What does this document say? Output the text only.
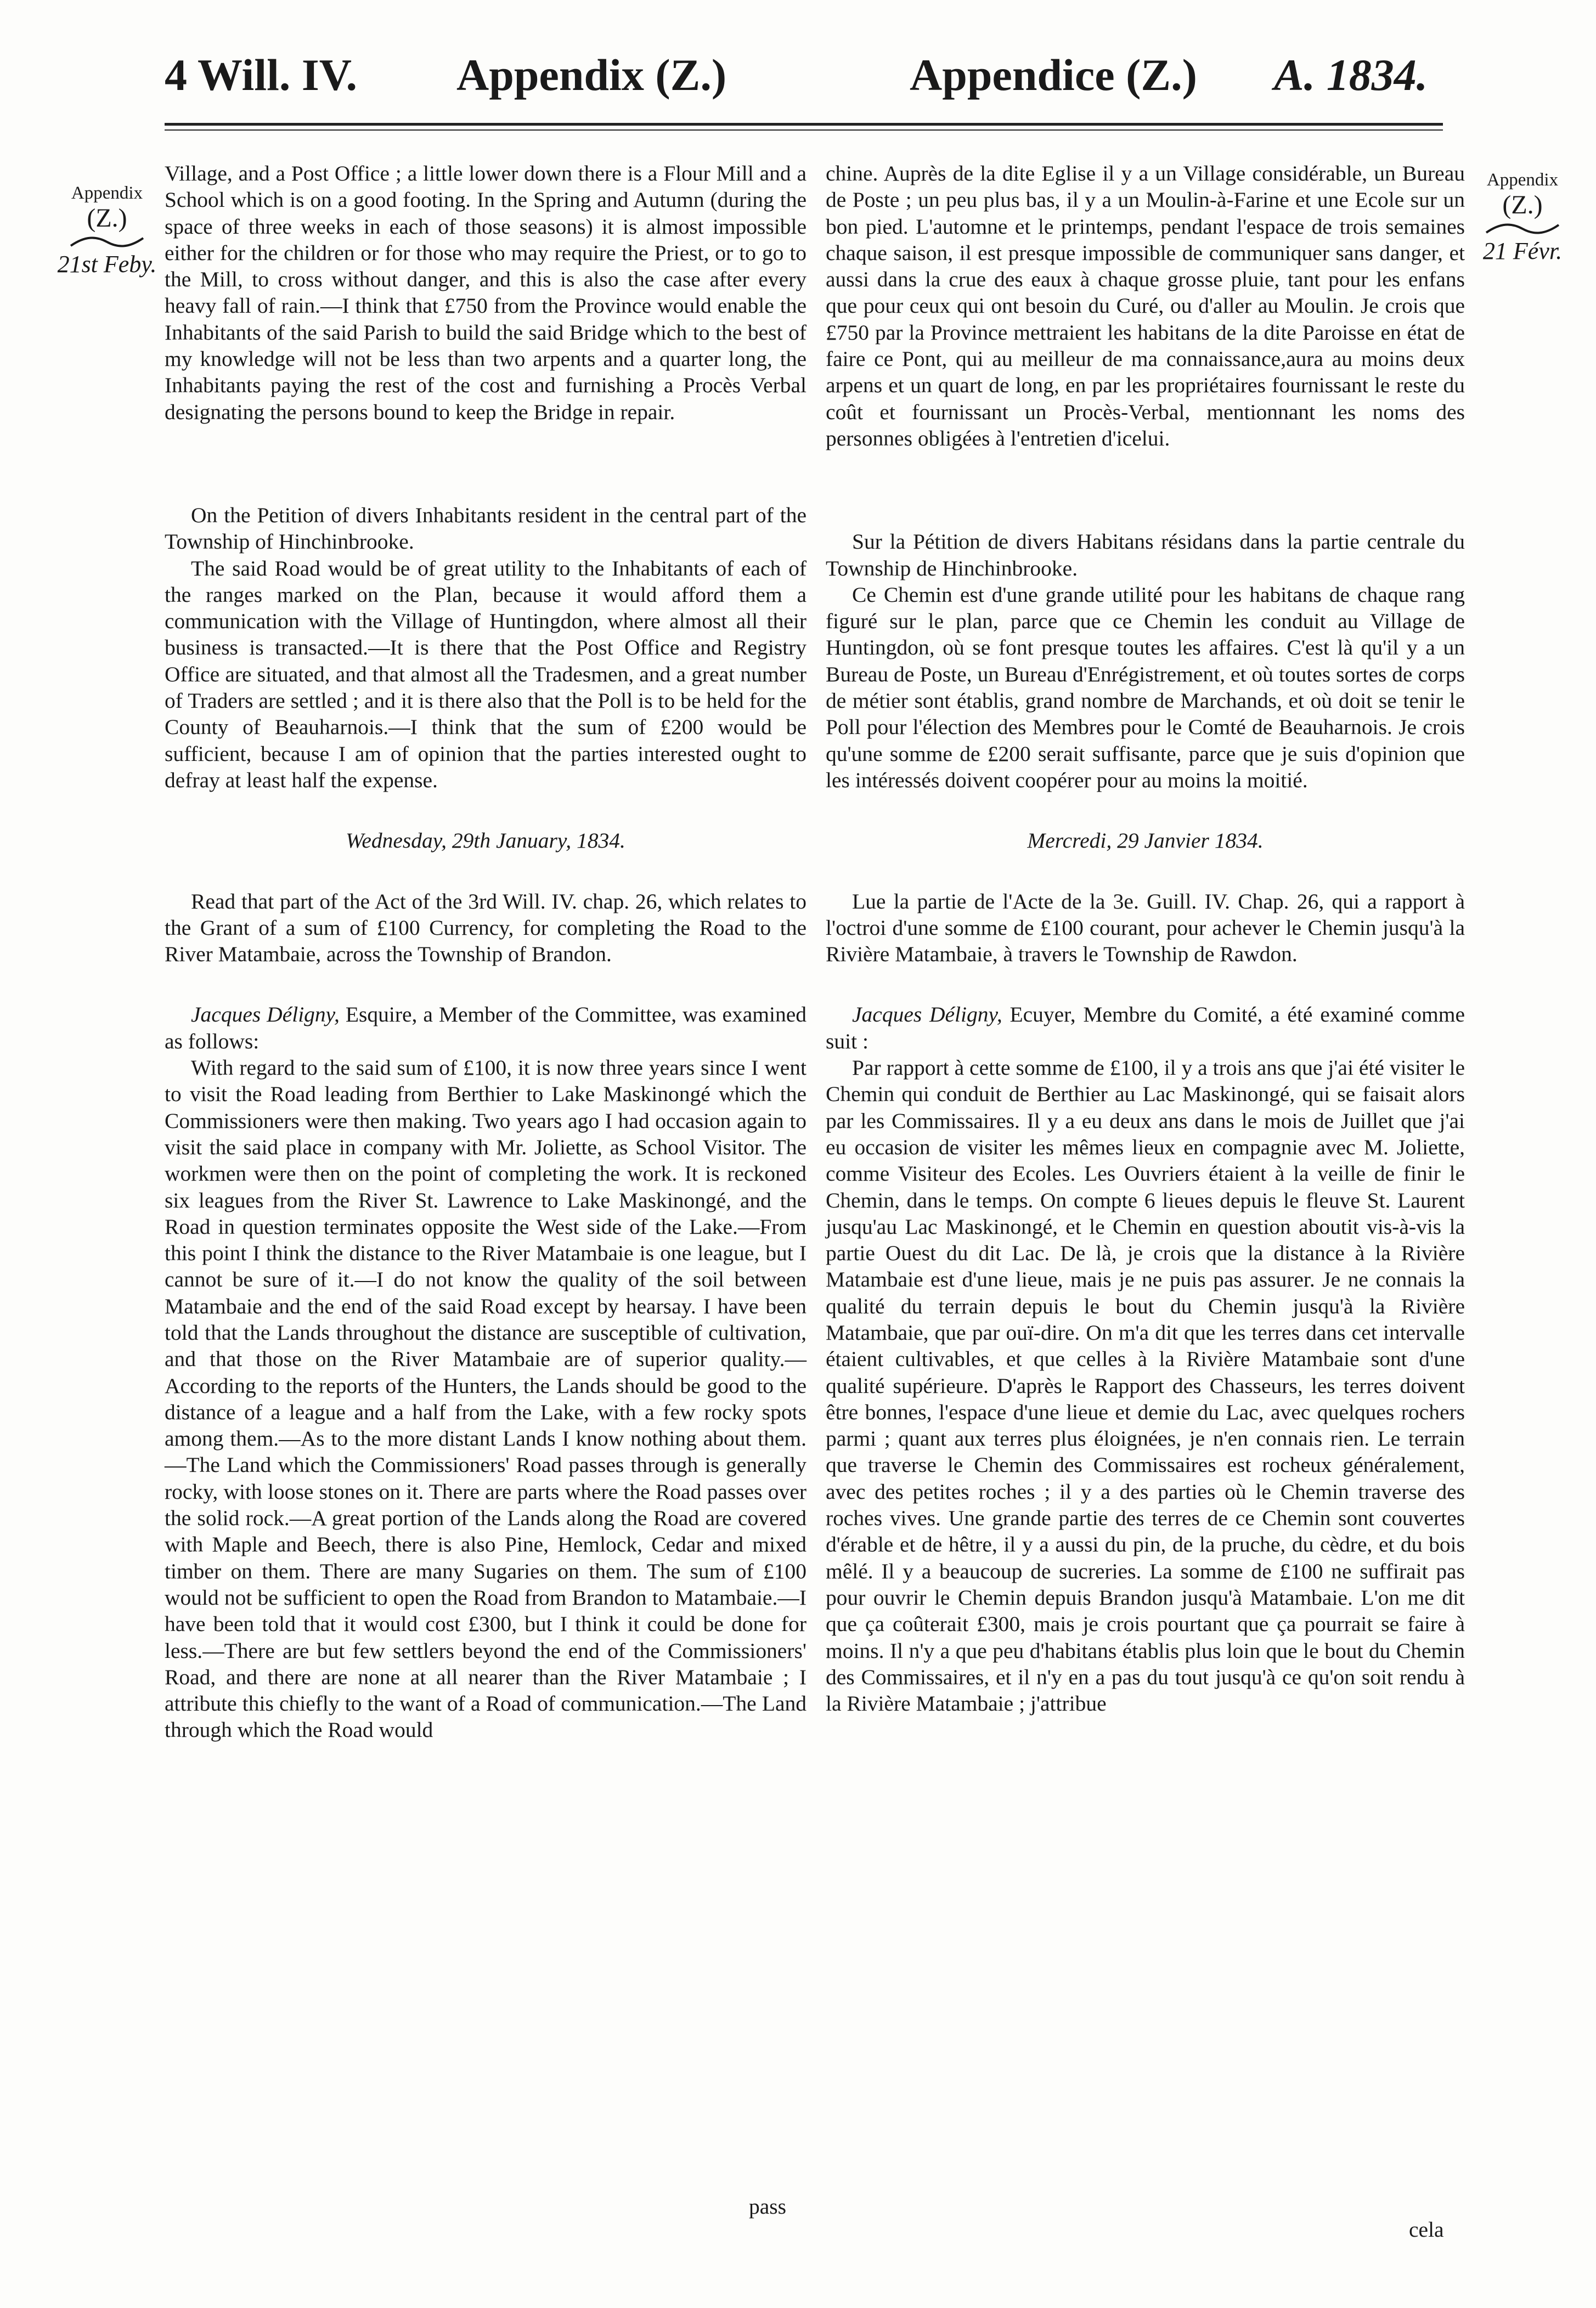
4 Will. IV. Appendix (Z.)	Appendice (Z.) A. 1834.
Appendix
(Z.)
21st Feby.
Appendix
(Z.)
21 Févr.

Village, and a Post Office ; a little lower down there is a Flour Mill and a School which is on a good footing. In the Spring and Autumn (during the space of three weeks in each of those seasons) it is almost impossible either for the children or for those who may require the Priest, or to go to the Mill, to cross without danger, and this is also the case after every heavy fall of rain.—I think that £750 from the Province would enable the Inhabitants of the said Parish to build the said Bridge which to the best of my knowledge will not be less than two arpents and a quarter long, the Inhabitants paying the rest of the cost and furnishing a Procès Verbal designating the persons bound to keep the Bridge in repair.

On the Petition of divers Inhabitants resident in the central part of the Township of Hinchinbrooke.

The said Road would be of great utility to the Inhabitants of each of the ranges marked on the Plan, because it would afford them a communication with the Village of Huntingdon, where almost all their business is transacted.—It is there that the Post Office and Registry Office are situated, and that almost all the Tradesmen, and a great number of Traders are settled ; and it is there also that the Poll is to be held for the County of Beauharnois.—I think that the sum of £200 would be sufficient, because I am of opinion that the parties interested ought to defray at least half the expense.

Wednesday, 29th January, 1834.

Read that part of the Act of the 3rd Will. IV. chap. 26, which relates to the Grant of a sum of £100 Currency, for completing the Road to the River Matambaie, across the Township of Brandon.

Jacques Déligny, Esquire, a Member of the Committee, was examined as follows:

With regard to the said sum of £100, it is now three years since I went to visit the Road leading from Berthier to Lake Maskinongé which the Commissioners were then making. Two years ago I had occasion again to visit the said place in company with Mr. Joliette, as School Visitor. The workmen were then on the point of completing the work. It is reckoned six leagues from the River St. Lawrence to Lake Maskinongé, and the Road in question terminates opposite the West side of the Lake.—From this point I think the distance to the River Matambaie is one league, but I cannot be sure of it.—I do not know the quality of the soil between Matambaie and the end of the said Road except by hearsay. I have been told that the Lands throughout the distance are susceptible of cultivation, and that those on the River Matambaie are of superior quality.—According to the reports of the Hunters, the Lands should be good to the distance of a league and a half from the Lake, with a few rocky spots among them.—As to the more distant Lands I know nothing about them.—The Land which the Commissioners' Road passes through is generally rocky, with loose stones on it. There are parts where the Road passes over the solid rock.—A great portion of the Lands along the Road are covered with Maple and Beech, there is also Pine, Hemlock, Cedar and mixed timber on them. There are many Sugaries on them. The sum of £100 would not be sufficient to open the Road from Brandon to Matambaie.—I have been told that it would cost £300, but I think it could be done for less.—There are but few settlers beyond the end of the Commissioners' Road, and there are none at all nearer than the River Matambaie ; I attribute this chiefly to the want of a Road of communication.—The Land through which the Road would

pass

chine. Auprès de la dite Eglise il y a un Village considérable, un Bureau de Poste ; un peu plus bas, il y a un Moulin-à-Farine et une Ecole sur un bon pied. L'automne et le printemps, pendant l'espace de trois semaines chaque saison, il est presque impossible de communiquer sans danger, et aussi dans la crue des eaux à chaque grosse pluie, tant pour les enfans que pour ceux qui ont besoin du Curé, ou d'aller au Moulin. Je crois que £750 par la Province mettraient les habitans de la dite Paroisse en état de faire ce Pont, qui au meilleur de ma connaissance,aura au moins deux arpens et un quart de long, en par les propriétaires fournissant le reste du coût et fournissant un Procès-Verbal, mentionnant les noms des personnes obligées à l'entretien d'icelui.

Sur la Pétition de divers Habitans résidans dans la partie centrale du Township de Hinchinbrooke.

Ce Chemin est d'une grande utilité pour les habitans de chaque rang figuré sur le plan, parce que ce Chemin les conduit au Village de Huntingdon, où se font presque toutes les affaires. C'est là qu'il y a un Bureau de Poste, un Bureau d'Enrégistrement, et où toutes sortes de corps de métier sont établis, grand nombre de Marchands, et où doit se tenir le Poll pour l'élection des Membres pour le Comté de Beauharnois. Je crois qu'une somme de £200 serait suffisante, parce que je suis d'opinion que les intéressés doivent coopérer pour au moins la moitié.

Mercredi, 29 Janvier 1834.

Lue la partie de l'Acte de la 3e. Guill. IV. Chap. 26, qui a rapport à l'octroi d'une somme de £100 courant, pour achever le Chemin jusqu'à la Rivière Matambaie, à travers le Township de Rawdon.

Jacques Déligny, Ecuyer, Membre du Comité, a été examiné comme suit :

Par rapport à cette somme de £100, il y a trois ans que j'ai été visiter le Chemin qui conduit de Berthier au Lac Maskinongé, qui se faisait alors par les Commissaires. Il y a eu deux ans dans le mois de Juillet que j'ai eu occasion de visiter les mêmes lieux en compagnie avec M. Joliette, comme Visiteur des Ecoles. Les Ouvriers étaient à la veille de finir le Chemin, dans le temps. On compte 6 lieues depuis le fleuve St. Laurent jusqu'au Lac Maskinongé, et le Chemin en question aboutit vis-à-vis la partie Ouest du dit Lac. De là, je crois que la distance à la Rivière Matambaie est d'une lieue, mais je ne puis pas assurer. Je ne connais la qualité du terrain depuis le bout du Chemin jusqu'à la Rivière Matambaie, que par ouï-dire. On m'a dit que les terres dans cet intervalle étaient cultivables, et que celles à la Rivière Matambaie sont d'une qualité supérieure. D'après le Rapport des Chasseurs, les terres doivent être bonnes, l'espace d'une lieue et demie du Lac, avec quelques rochers parmi ; quant aux terres plus éloignées, je n'en connais rien. Le terrain que traverse le Chemin des Commissaires est rocheux généralement, avec des petites roches ; il y a des parties où le Chemin traverse des roches vives. Une grande partie des terres de ce Chemin sont couvertes d'érable et de hêtre, il y a aussi du pin, de la pruche, du cèdre, et du bois mêlé. Il y a beaucoup de sucreries. La somme de £100 ne suffirait pas pour ouvrir le Chemin depuis Brandon jusqu'à Matambaie. L'on me dit que ça coûterait £300, mais je crois pourtant que ça pourrait se faire à moins. Il n'y a que peu d'habitans établis plus loin que le bout du Chemin des Commissaires, et il n'y en a pas du tout jusqu'à ce qu'on soit rendu à la Rivière Matambaie ; j'attribue

cela
